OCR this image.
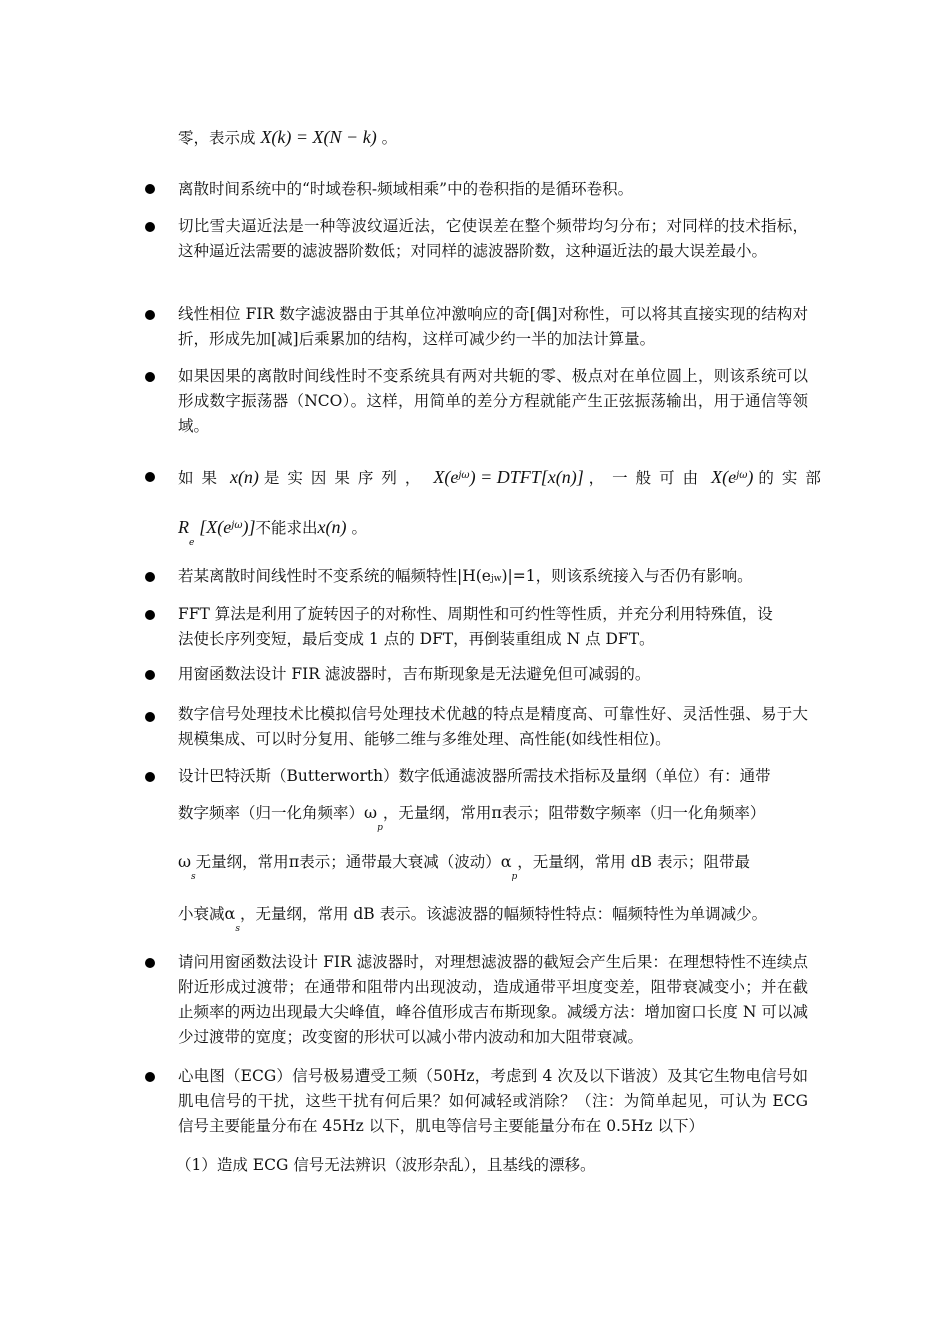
零，表示成 X(k) = X(N − k) 。
离散时间系统中的“时域卷积-频域相乘”中的卷积指的是循环卷积。
切比雪夫逼近法是一种等波纹逼近法，它使误差在整个频带均匀分布；对同样的技术指标，这种逼近法需要的滤波器阶数低；对同样的滤波器阶数，这种逼近法的最大误差最小。
线性相位 FIR 数字滤波器由于其单位冲激响应的奇[偶]对称性，可以将其直接实现的结构对折，形成先加[减]后乘累加的结构，这样可减少约一半的加法计算量。
如果因果的离散时间线性时不变系统具有两对共轭的零、极点对在单位圆上，则该系统可以形成数字振荡器（NCO）。这样，用简单的差分方程就能产生正弦振荡输出，用于通信等领域。
如果 x(n) 是实因果序列， $X(e^{j\omega})$ = DTFT[x(n)] ，一般可由 $X(e^{j\omega})$ 的实部
$R_e$ $[X(e^{j\omega})]$不能求出x(n) 。
若某离散时间线性时不变系统的幅频特性|H(ejw)|=1，则该系统接入与否仍有影响。
FFT 算法是利用了旋转因子的对称性、周期性和可约性等性质，并充分利用特殊值，设
法使长序列变短，最后变成 1 点的 DFT，再倒装重组成 N 点 DFT。
用窗函数法设计 FIR 滤波器时，吉布斯现象是无法避免但可减弱的。
数字信号处理技术比模拟信号处理技术优越的特点是精度高、可靠性好、灵活性强、易于大规模集成、可以时分复用、能够二维与多维处理、高性能(如线性相位)。
设计巴特沃斯（Butterworth）数字低通滤波器所需技术指标及量纲（单位）有：通带
数字频率（归一化角频率）$\omega_p$，无量纲，常用π表示；阻带数字频率（归一化角频率）
$\omega_s$无量纲，常用π表示；通带最大衰减（波动）$\alpha_p$，无量纲，常用 dB 表示；阻带最
小衰减$\alpha_s$，无量纲，常用 dB 表示。该滤波器的幅频特性特点：幅频特性为单调减少。
请问用窗函数法设计 FIR 滤波器时，对理想滤波器的截短会产生后果：在理想特性不连续点附近形成过渡带；在通带和阻带内出现波动，造成通带平坦度变差，阻带衰减变小；并在截止频率的两边出现最大尖峰值，峰谷值形成吉布斯现象。减缓方法：增加窗口长度 N 可以减少过渡带的宽度；改变窗的形状可以减小带内波动和加大阻带衰减。
心电图（ECG）信号极易遭受工频（50Hz，考虑到 4 次及以下谐波）及其它生物电信号如肌电信号的干扰，这些干扰有何后果？如何减轻或消除？（注：为简单起见，可认为 ECG 信号主要能量分布在 45Hz 以下，肌电等信号主要能量分布在 0.5Hz 以下）
（1）造成 ECG 信号无法辨识（波形杂乱），且基线的漂移。
